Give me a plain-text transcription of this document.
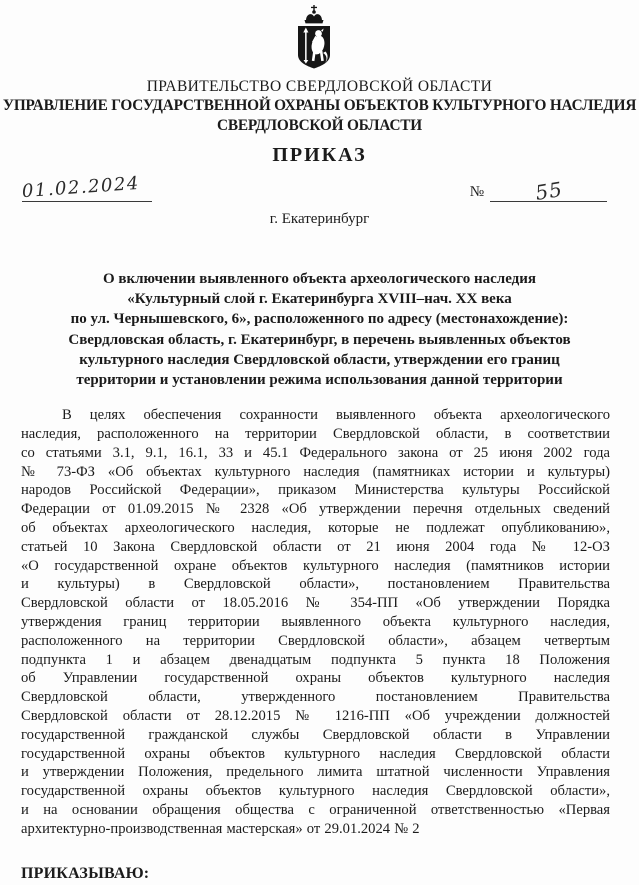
ПРАВИТЕЛЬСТВО СВЕРДЛОВСКОЙ ОБЛАСТИ
УПРАВЛЕНИЕ ГОСУДАРСТВЕННОЙ ОХРАНЫ ОБЪЕКТОВ КУЛЬТУРНОГО НАСЛЕДИЯ
СВЕРДЛОВСКОЙ ОБЛАСТИ
ПРИКАЗ
01.02.2024	№	55
г. Екатеринбург
О включении выявленного объекта археологического наследия
«Культурный слой г. Екатеринбурга XVIII–нач. XX века
по ул. Чернышевского, 6», расположенного по адресу (местонахождение):
Свердловская область, г. Екатеринбург, в перечень выявленных объектов
культурного наследия Свердловской области, утверждении его границ
территории и установлении режима использования данной территории
В целях обеспечения сохранности выявленного объекта археологического
наследия, расположенного на территории Свердловской области, в соответствии
со статьями 3.1, 9.1, 16.1, 33 и 45.1 Федерального закона от 25 июня 2002 года
№ 73-ФЗ «Об объектах культурного наследия (памятниках истории и культуры)
народов Российской Федерации», приказом Министерства культуры Российской
Федерации от 01.09.2015 № 2328 «Об утверждении перечня отдельных сведений
об объектах археологического наследия, которые не подлежат опубликованию»,
статьей 10 Закона Свердловской области от 21 июня 2004 года № 12-ОЗ
«О государственной охране объектов культурного наследия (памятников истории
и культуры) в Свердловской области», постановлением Правительства
Свердловской области от 18.05.2016 № 354-ПП «Об утверждении Порядка
утверждения границ территории выявленного объекта культурного наследия,
расположенного на территории Свердловской области», абзацем четвертым
подпункта 1 и абзацем двенадцатым подпункта 5 пункта 18 Положения
об Управлении государственной охраны объектов культурного наследия
Свердловской области, утвержденного постановлением Правительства
Свердловской области от 28.12.2015 № 1216-ПП «Об учреждении должностей
государственной гражданской службы Свердловской области в Управлении
государственной охраны объектов культурного наследия Свердловской области
и утверждении Положения, предельного лимита штатной численности Управления
государственной охраны объектов культурного наследия Свердловской области»,
и на основании обращения общества с ограниченной ответственностью «Первая
архитектурно-производственная мастерская» от 29.01.2024 № 2
ПРИКАЗЫВАЮ:
